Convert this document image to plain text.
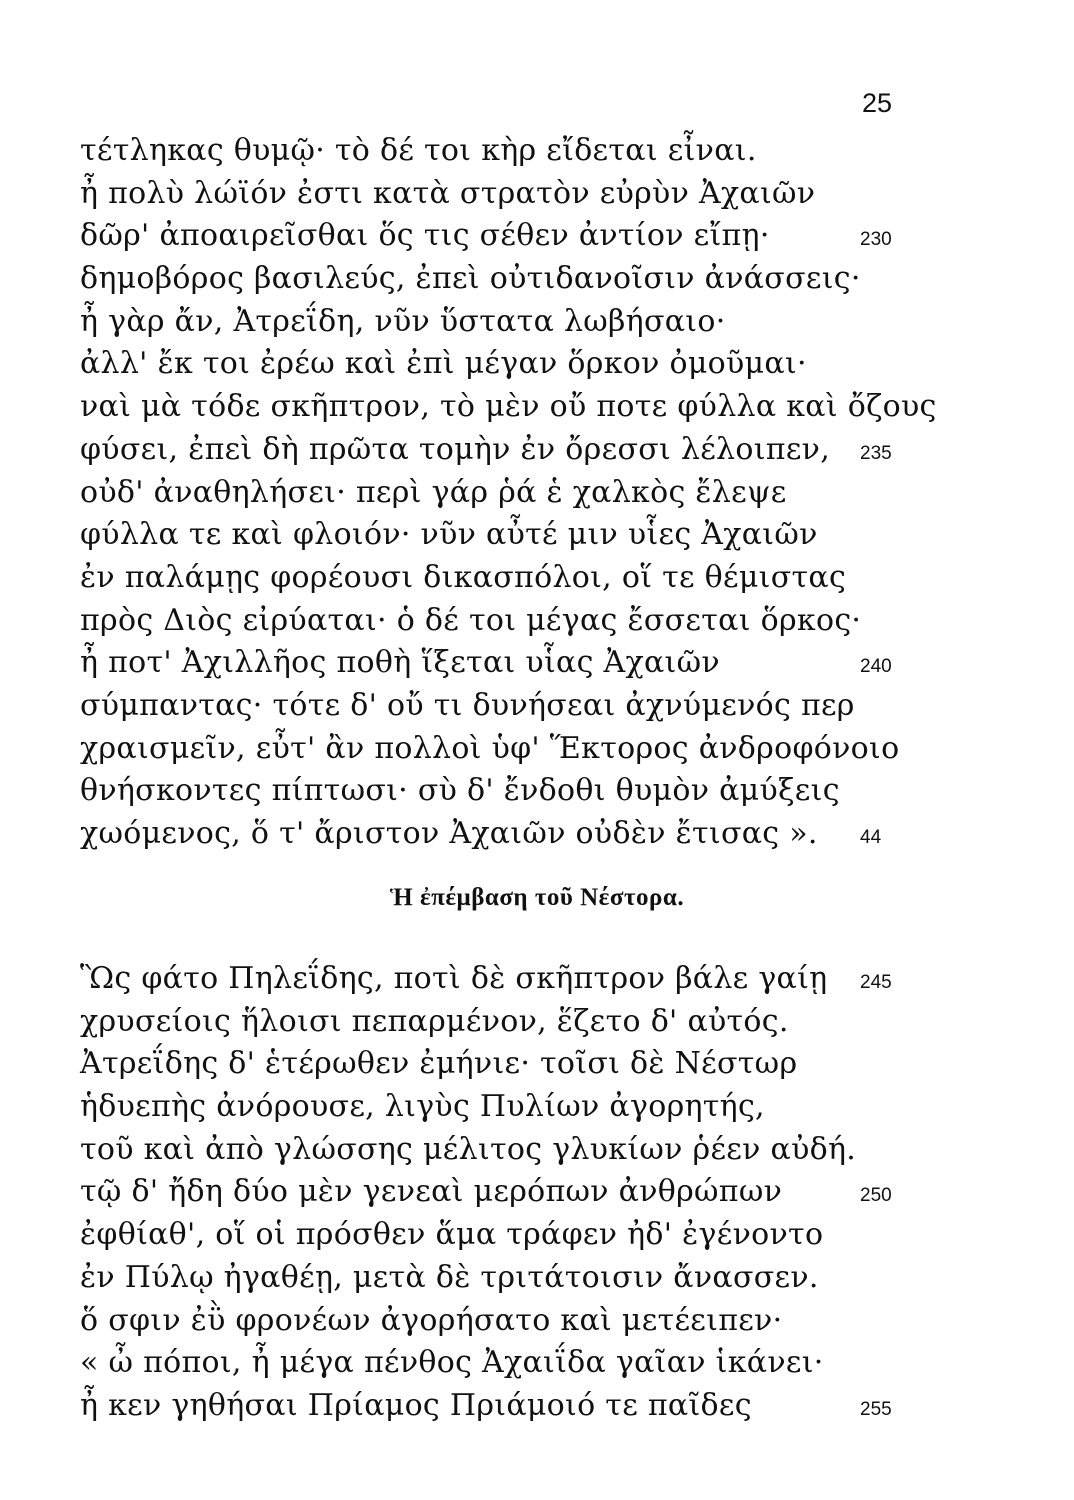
25
τέτληκας θυμῷ· τὸ δέ τοι κὴρ εἴδεται εἶναι.
ἦ πολὺ λώϊόν ἐστι κατὰ στρατὸν εὐρὺν Ἀχαιῶν
δῶρ' ἀποαιρεῖσθαι ὅς τις σέθεν ἀντίον εἴπῃ·	230
δημοβόρος βασιλεύς, ἐπεὶ οὐτιδανοῖσιν ἀνάσσεις·
ἦ γὰρ ἄν, Ἀτρεΐδη, νῦν ὕστατα λωβήσαιο·
ἀλλ' ἔκ τοι ἐρέω καὶ ἐπὶ μέγαν ὅρκον ὀμοῦμαι·
ναὶ μὰ τόδε σκῆπτρον, τὸ μὲν οὔ ποτε φύλλα καὶ ὄζους
φύσει, ἐπεὶ δὴ πρῶτα τομὴν ἐν ὄρεσσι λέλοιπεν, 235
οὐδ' ἀναθηλήσει· περὶ γάρ ῥά ἑ χαλκὸς ἔλεψε
φύλλα τε καὶ φλοιόν· νῦν αὖτέ μιν υἷες Ἀχαιῶν
ἐν παλάμῃς φορέουσι δικασπόλοι, οἵ τε θέμιστας
πρὸς Διὸς εἰρύαται· ὁ δέ τοι μέγας ἔσσεται ὅρκος·
ἦ ποτ' Ἀχιλλῆος ποθὴ ἵξεται υἷας Ἀχαιῶν	240
σύμπαντας· τότε δ' οὔ τι δυνήσεαι ἀχνύμενός περ
χραισμεῖν, εὖτ' ἂν πολλοὶ ὑφ' Ἕκτορος ἀνδροφόνοιο
θνήσκοντες πίπτωσι· σὺ δ' ἔνδοθι θυμὸν ἀμύξεις
χωόμενος, ὅ τ' ἄριστον Ἀχαιῶν οὐδὲν ἔτισας ». 44
Ἡ ἐπέμβαση τοῦ Νέστορα.
Ὣς φάτο Πηλεΐδης, ποτὶ δὲ σκῆπτρον βάλε γαίῃ 245
χρυσείοις ἥλοισι πεπαρμένον, ἕζετο δ' αὐτός.
Ἀτρεΐδης δ' ἑτέρωθεν ἐμήνιε· τοῖσι δὲ Νέστωρ
ἡδυεπὴς ἀνόρουσε, λιγὺς Πυλίων ἀγορητής,
τοῦ καὶ ἀπὸ γλώσσης μέλιτος γλυκίων ῥέεν αὐδή.
τῷ δ' ἤδη δύο μὲν γενεαὶ μερόπων ἀνθρώπων	250
ἐφθίαθ', οἵ οἱ πρόσθεν ἅμα τράφεν ἠδ' ἐγένοντο
ἐν Πύλῳ ἠγαθέῃ, μετὰ δὲ τριτάτοισιν ἄνασσεν.
ὅ σφιν ἐῢ φρονέων ἀγορήσατο καὶ μετέειπεν·
« ὦ πόποι, ἦ μέγα πένθος Ἀχαιΐδα γαῖαν ἱκάνει·
ἦ κεν γηθήσαι Πρίαμος Πριάμοιό τε παῖδες	255
